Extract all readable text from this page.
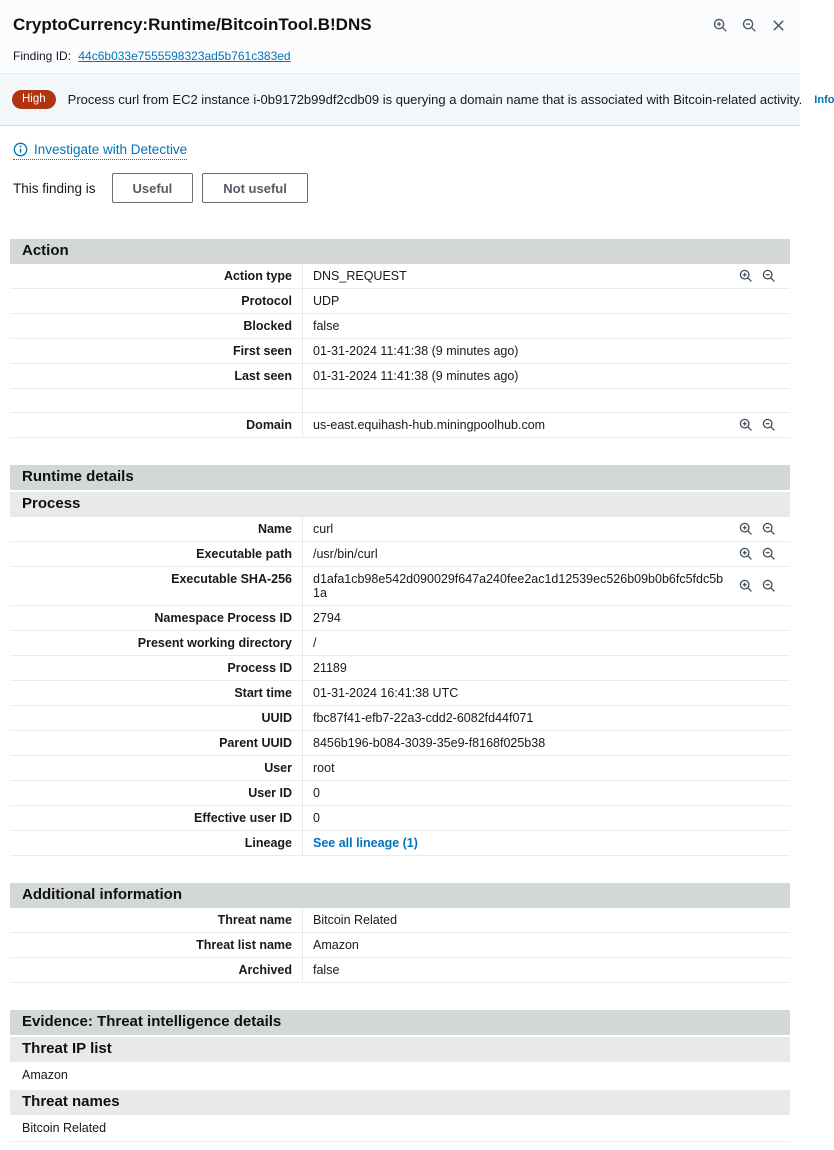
CryptoCurrency:Runtime/BitcoinTool.B!DNS
Finding ID: 44c6b033e7555598323ad5b761c383ed
High	Process curl from EC2 instance i-0b9172b99df2cdb09 is querying a domain name that is associated with Bitcoin-related activity. Info
Investigate with Detective
This finding is	Useful	Not useful
Action
Action type	DNS_REQUEST
Protocol	UDP
Blocked	false
First seen	01-31-2024 11:41:38 (9 minutes ago)
Last seen	01-31-2024 11:41:38 (9 minutes ago)
Domain	us-east.equihash-hub.miningpoolhub.com
Runtime details
Process
Name	curl
Executable path	/usr/bin/curl
Executable SHA-256	d1afa1cb98e542d090029f647a240fee2ac1d12539ec526b09b0b6fc5fdc5b1a
Namespace Process ID	2794
Present working directory	/
Process ID	21189
Start time	01-31-2024 16:41:38 UTC
UUID	fbc87f41-efb7-22a3-cdd2-6082fd44f071
Parent UUID	8456b196-b084-3039-35e9-f8168f025b38
User	root
User ID	0
Effective user ID	0
Lineage	See all lineage (1)
Additional information
Threat name	Bitcoin Related
Threat list name	Amazon
Archived	false
Evidence: Threat intelligence details
Threat IP list
Amazon
Threat names
Bitcoin Related
